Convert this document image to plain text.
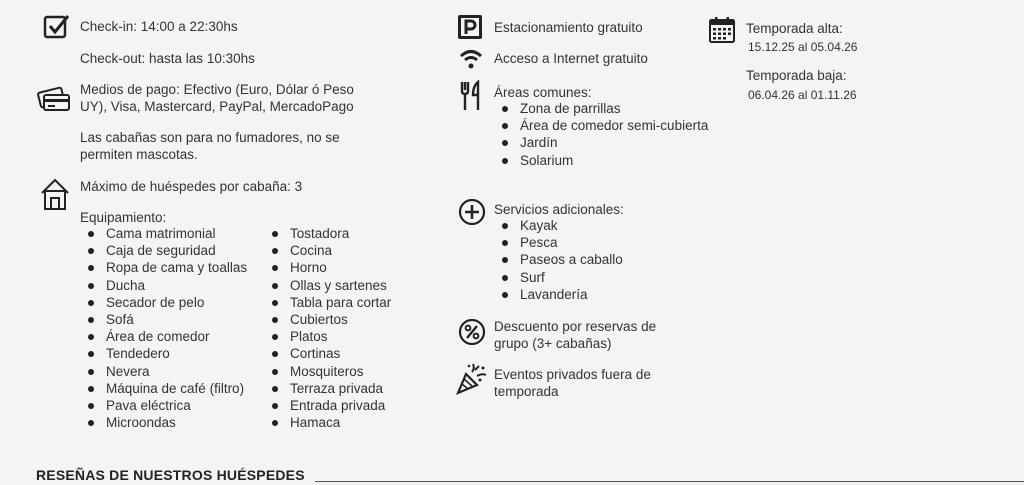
Check-in: 14:00 a 22:30hs
Check-out: hasta las 10:30hs
Medios de pago: Efectivo (Euro, Dólar ó Peso UY), Visa, Mastercard, PayPal, MercadoPago
Las cabañas son para no fumadores, no se permiten mascotas.
Máximo de huéspedes por cabaña: 3
Equipamiento:
Cama matrimonial
Caja de seguridad
Ropa de cama y toallas
Ducha
Secador de pelo
Sofá
Área de comedor
Tendedero
Nevera
Máquina de café (filtro)
Pava eléctrica
Microondas
Tostadora
Cocina
Horno
Ollas y sartenes
Tabla para cortar
Cubiertos
Platos
Cortinas
Mosquiteros
Terraza privada
Entrada privada
Hamaca
Estacionamiento gratuito
Acceso a Internet gratuito
Áreas comunes:
Zona de parrillas
Área de comedor semi-cubierta
Jardín
Solarium
Servicios adicionales:
Kayak
Pesca
Paseos a caballo
Surf
Lavandería
Descuento por reservas de grupo (3+ cabañas)
Eventos privados fuera de temporada
Temporada alta:
15.12.25 al 05.04.26
Temporada baja:
06.04.26 al 01.11.26
RESEÑAS DE NUESTROS HUÉSPEDES
